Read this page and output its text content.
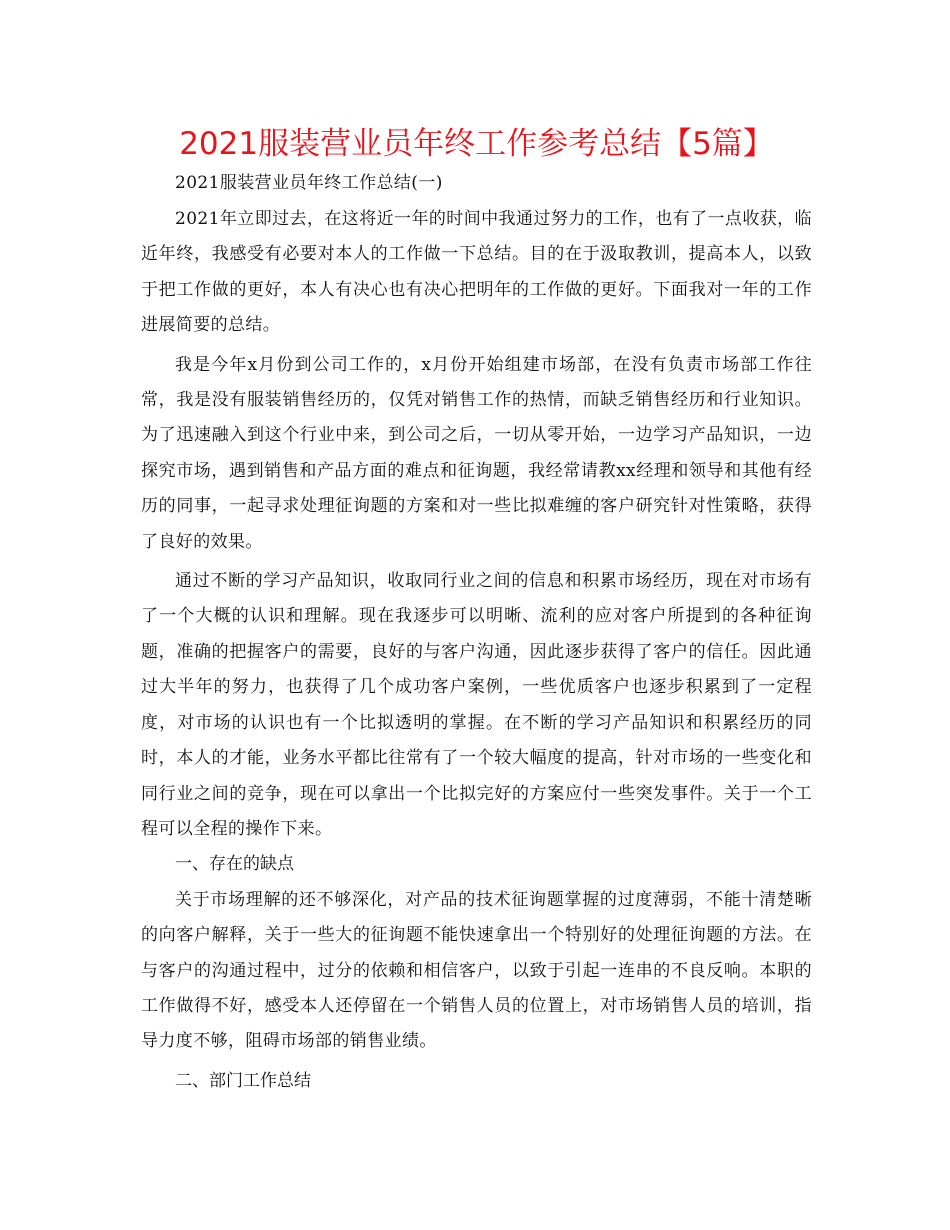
2021服装营业员年终工作参考总结【5篇】

2021服装营业员年终工作总结(一)

2021年立即过去，在这将近一年的时间中我通过努力的工作，也有了一点收获，临近年终，我感受有必要对本人的工作做一下总结。目的在于汲取教训，提高本人，以致于把工作做的更好，本人有决心也有决心把明年的工作做的更好。下面我对一年的工作进展简要的总结。

我是今年x月份到公司工作的，x月份开始组建市场部，在没有负责市场部工作往常，我是没有服装销售经历的，仅凭对销售工作的热情，而缺乏销售经历和行业知识。为了迅速融入到这个行业中来，到公司之后，一切从零开始，一边学习产品知识，一边探究市场，遇到销售和产品方面的难点和征询题，我经常请教xx经理和领导和其他有经历的同事，一起寻求处理征询题的方案和对一些比拟难缠的客户研究针对性策略，获得了良好的效果。

通过不断的学习产品知识，收取同行业之间的信息和积累市场经历，现在对市场有了一个大概的认识和理解。现在我逐步可以明晰、流利的应对客户所提到的各种征询题，准确的把握客户的需要，良好的与客户沟通，因此逐步获得了客户的信任。因此通过大半年的努力，也获得了几个成功客户案例，一些优质客户也逐步积累到了一定程度，对市场的认识也有一个比拟透明的掌握。在不断的学习产品知识和积累经历的同时，本人的才能，业务水平都比往常有了一个较大幅度的提高，针对市场的一些变化和同行业之间的竞争，现在可以拿出一个比拟完好的方案应付一些突发事件。关于一个工程可以全程的操作下来。

一、存在的缺点

关于市场理解的还不够深化，对产品的技术征询题掌握的过度薄弱，不能十清楚晰的向客户解释，关于一些大的征询题不能快速拿出一个特别好的处理征询题的方法。在与客户的沟通过程中，过分的依赖和相信客户，以致于引起一连串的不良反响。本职的工作做得不好，感受本人还停留在一个销售人员的位置上，对市场销售人员的培训，指导力度不够，阻碍市场部的销售业绩。

二、部门工作总结
